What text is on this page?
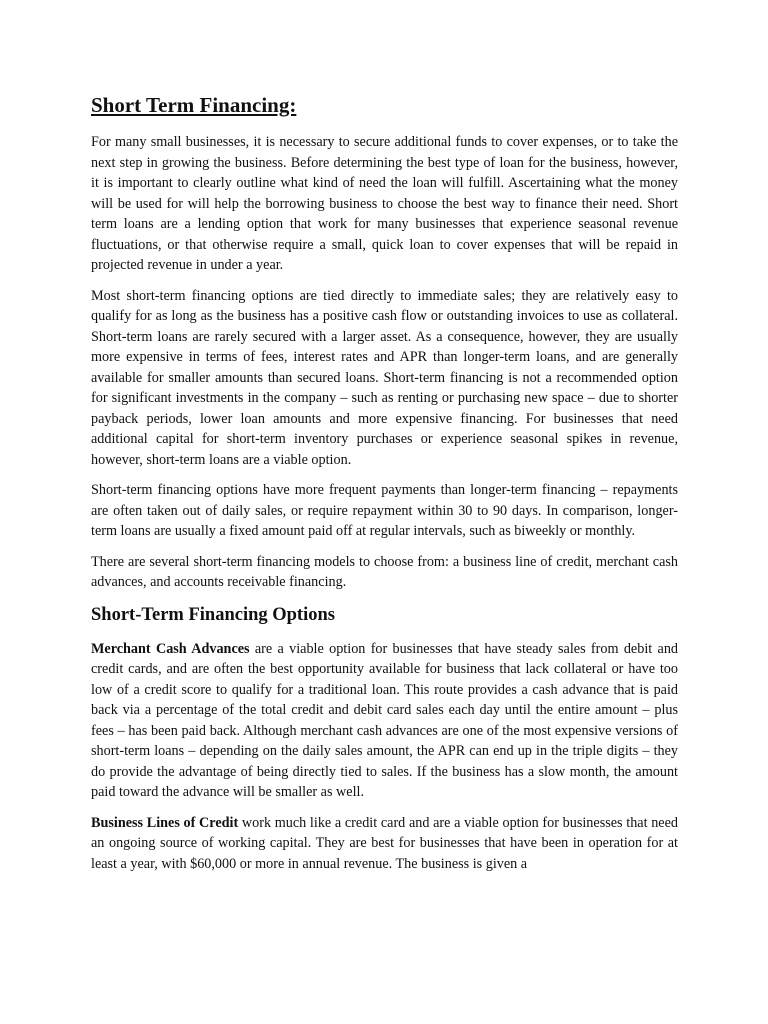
Short Term Financing:

For many small businesses, it is necessary to secure additional funds to cover expenses, or to take the next step in growing the business. Before determining the best type of loan for the business, however, it is important to clearly outline what kind of need the loan will fulfill. Ascertaining what the money will be used for will help the borrowing business to choose the best way to finance their need. Short term loans are a lending option that work for many businesses that experience seasonal revenue fluctuations, or that otherwise require a small, quick loan to cover expenses that will be repaid in projected revenue in under a year.

Most short-term financing options are tied directly to immediate sales; they are relatively easy to qualify for as long as the business has a positive cash flow or outstanding invoices to use as collateral. Short-term loans are rarely secured with a larger asset. As a consequence, however, they are usually more expensive in terms of fees, interest rates and APR than longer-term loans, and are generally available for smaller amounts than secured loans. Short-term financing is not a recommended option for significant investments in the company – such as renting or purchasing new space – due to shorter payback periods, lower loan amounts and more expensive financing. For businesses that need additional capital for short-term inventory purchases or experience seasonal spikes in revenue, however, short-term loans are a viable option.

Short-term financing options have more frequent payments than longer-term financing – repayments are often taken out of daily sales, or require repayment within 30 to 90 days. In comparison, longer-term loans are usually a fixed amount paid off at regular intervals, such as biweekly or monthly.

There are several short-term financing models to choose from: a business line of credit, merchant cash advances, and accounts receivable financing.

Short-Term Financing Options

Merchant Cash Advances are a viable option for businesses that have steady sales from debit and credit cards, and are often the best opportunity available for business that lack collateral or have too low of a credit score to qualify for a traditional loan. This route provides a cash advance that is paid back via a percentage of the total credit and debit card sales each day until the entire amount – plus fees – has been paid back. Although merchant cash advances are one of the most expensive versions of short-term loans – depending on the daily sales amount, the APR can end up in the triple digits – they do provide the advantage of being directly tied to sales. If the business has a slow month, the amount paid toward the advance will be smaller as well.

Business Lines of Credit work much like a credit card and are a viable option for businesses that need an ongoing source of working capital. They are best for businesses that have been in operation for at least a year, with $60,000 or more in annual revenue. The business is given a
